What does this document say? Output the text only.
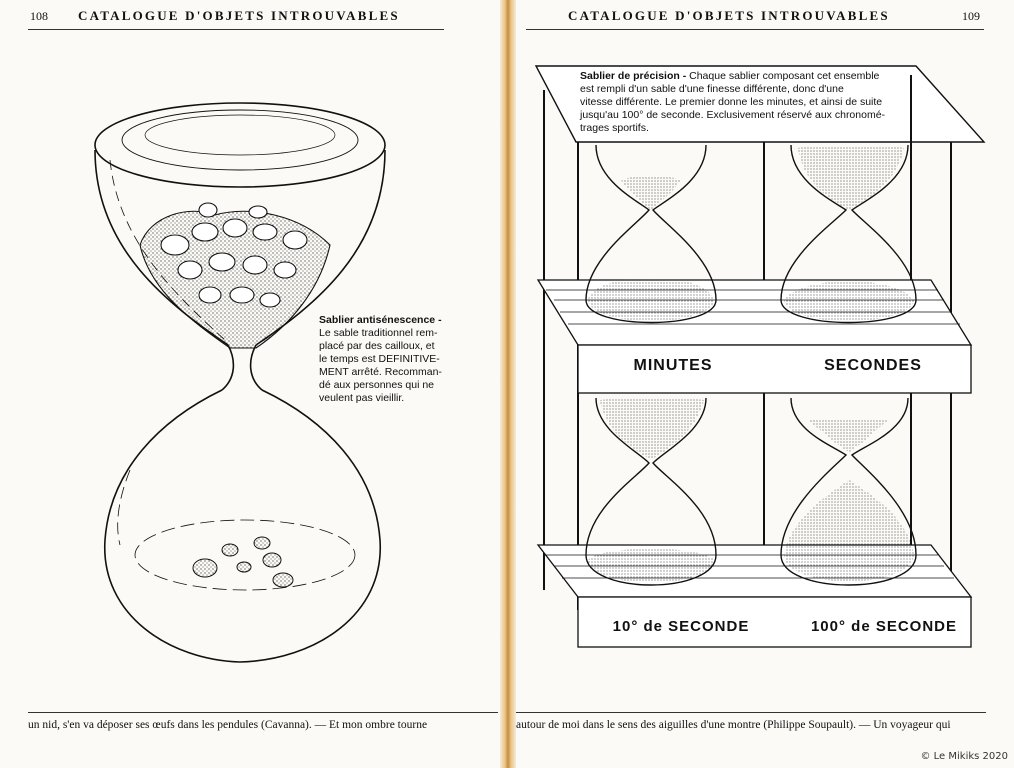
108 CATALOGUE D'OBJETS INTROUVABLES
Sablier antisénescence -
Le sable traditionnel rem-
placé par des cailloux, et
le temps est DEFINITIVE-
MENT arrêté. Recomman-
dé aux personnes qui ne
veulent pas vieillir.
un nid, s'en va déposer ses œufs dans les pendules (Cavanna). — Et mon ombre tourne
CATALOGUE D'OBJETS INTROUVABLES	109
Sablier de précision - Chaque sablier composant cet ensemble
est rempli d'un sable d'une finesse différente, donc d'une
vitesse différente. Le premier donne les minutes, et ainsi de suite
jusqu'au 100° de seconde. Exclusivement réservé aux chronomé-
trages sportifs.
MINUTES	SECONDES
10° de SECONDE	100° de SECONDE
autour de moi dans le sens des aiguilles d'une montre (Philippe Soupault). — Un voyageur qui
© Le Mikiks 2020
